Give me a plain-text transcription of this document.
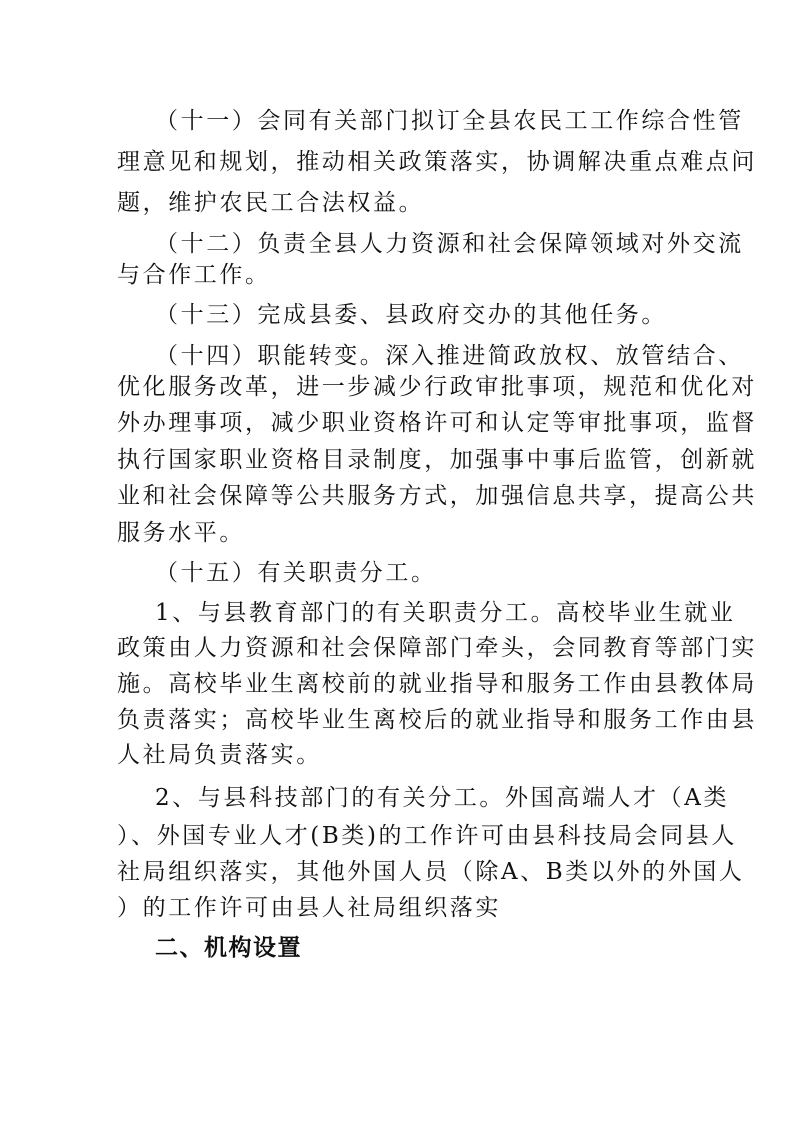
（十一）会同有关部门拟订全县农民工工作综合性管
理意见和规划，推动相关政策落实，协调解决重点难点问
题，维护农民工合法权益。
（十二）负责全县人力资源和社会保障领域对外交流
与合作工作。
（十三）完成县委、县政府交办的其他任务。
（十四）职能转变。深入推进简政放权、放管结合、
优化服务改革，进一步减少行政审批事项，规范和优化对
外办理事项，减少职业资格许可和认定等审批事项，监督
执行国家职业资格目录制度，加强事中事后监管，创新就
业和社会保障等公共服务方式，加强信息共享，提高公共
服务水平。
（十五）有关职责分工。
1、与县教育部门的有关职责分工。高校毕业生就业
政策由人力资源和社会保障部门牵头，会同教育等部门实
施。高校毕业生离校前的就业指导和服务工作由县教体局
负责落实；高校毕业生离校后的就业指导和服务工作由县
人社局负责落实。
2、与县科技部门的有关分工。外国高端人才（A类
）、外国专业人才(B类)的工作许可由县科技局会同县人
社局组织落实，其他外国人员（除A、B类以外的外国人
）的工作许可由县人社局组织落实
二、机构设置
